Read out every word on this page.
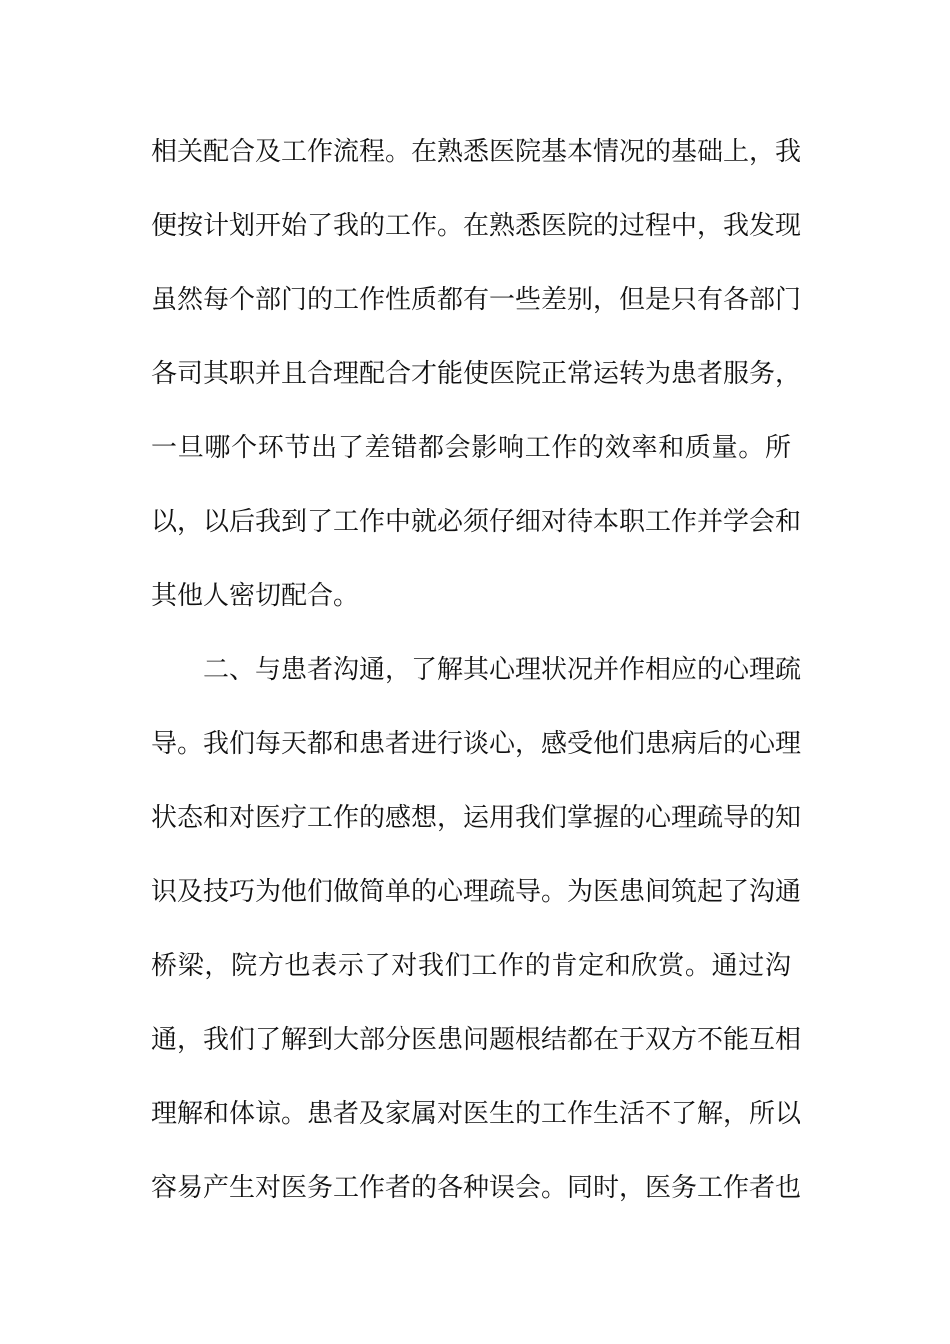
相关配合及工作流程。在熟悉医院基本情况的基础上，我
便按计划开始了我的工作。在熟悉医院的过程中，我发现
虽然每个部门的工作性质都有一些差别，但是只有各部门
各司其职并且合理配合才能使医院正常运转为患者服务，
一旦哪个环节出了差错都会影响工作的效率和质量。所
以，以后我到了工作中就必须仔细对待本职工作并学会和
其他人密切配合。
二、与患者沟通，了解其心理状况并作相应的心理疏
导。我们每天都和患者进行谈心，感受他们患病后的心理
状态和对医疗工作的感想，运用我们掌握的心理疏导的知
识及技巧为他们做简单的心理疏导。为医患间筑起了沟通
桥梁，院方也表示了对我们工作的肯定和欣赏。通过沟
通，我们了解到大部分医患问题根结都在于双方不能互相
理解和体谅。患者及家属对医生的工作生活不了解，所以
容易产生对医务工作者的各种误会。同时，医务工作者也
